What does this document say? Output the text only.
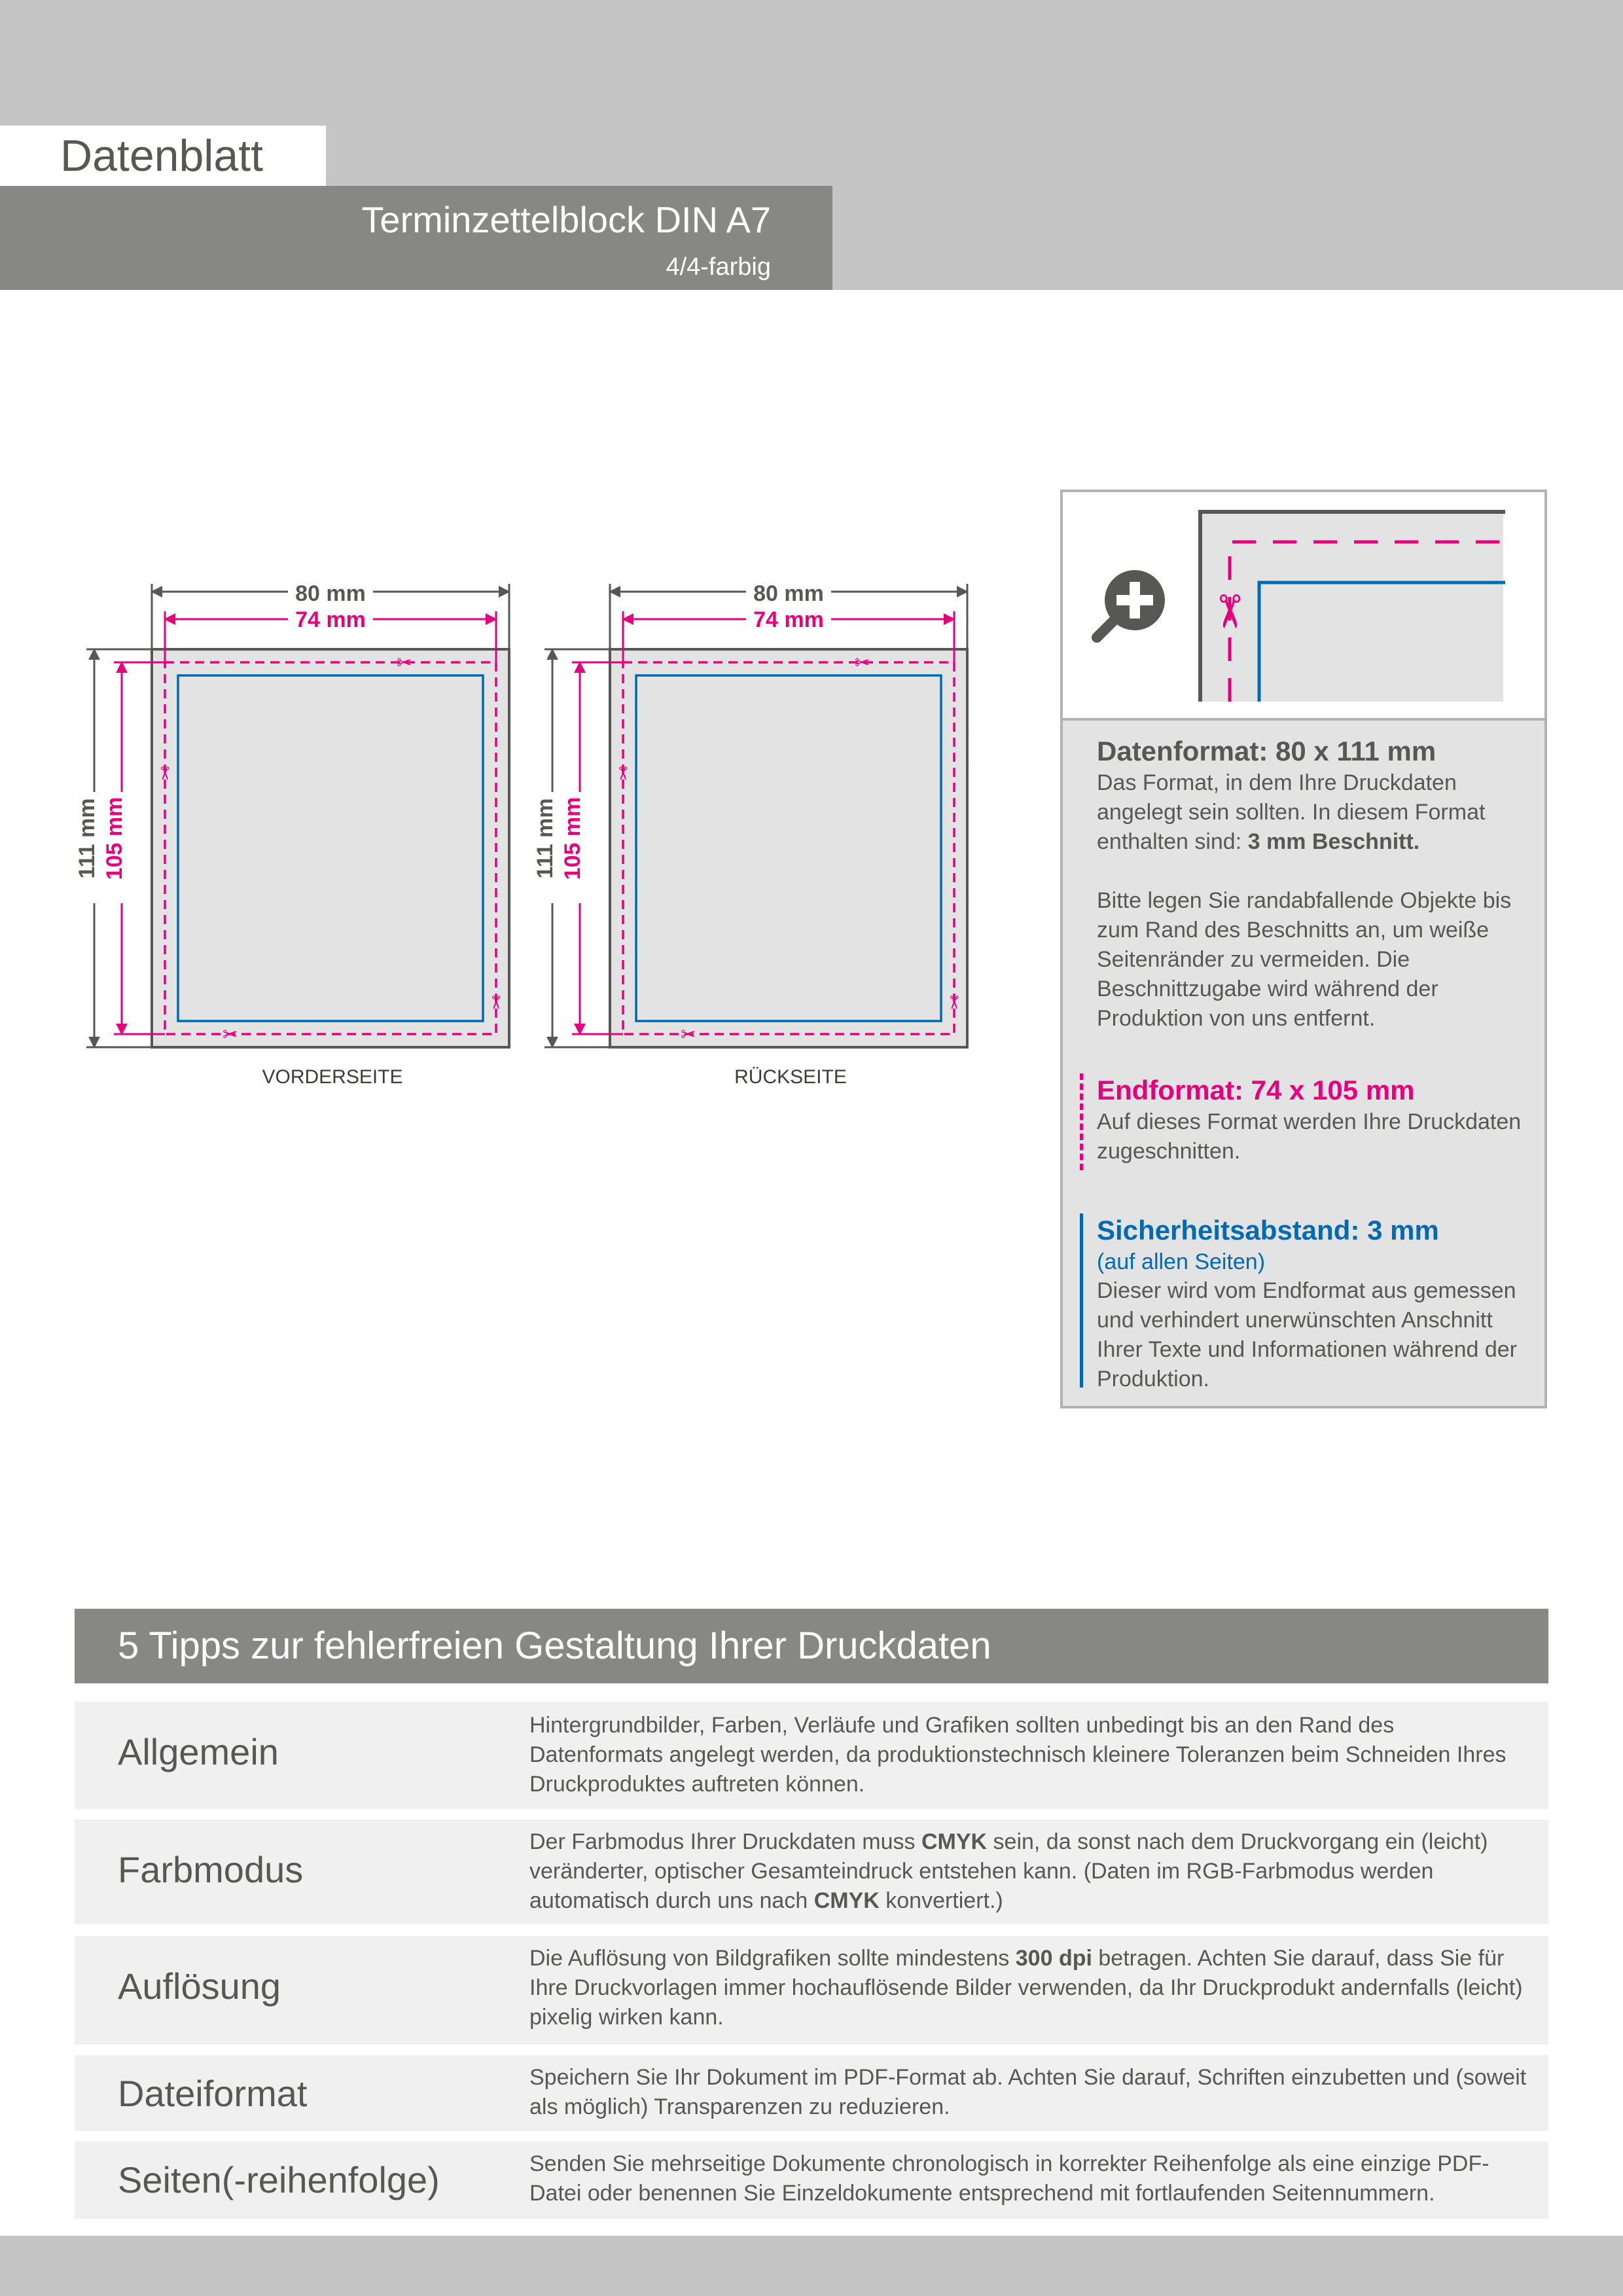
Datenblatt
Terminzettelblock DIN A7
4/4-farbig
80 mm
74 mm
111 mm 105 mm
✂
✂
✂
✂
VORDERSEITE
80 mm
74 mm
111 mm 105 mm
✂
✂
✂
✂
RÜCKSEITE
✂
Datenformat: 80 x 111 mm
Das Format, in dem Ihre Druckdaten angelegt sein sollten. In diesem Format enthalten sind: 3 mm Beschnitt.
Bitte legen Sie randabfallende Objekte bis zum Rand des Beschnitts an, um weiße Seitenränder zu vermeiden. Die Beschnittzugabe wird während der Produktion von uns entfernt.
Endformat: 74 x 105 mm
Auf dieses Format werden Ihre Druckdaten zugeschnitten.
Sicherheitsabstand: 3 mm
(auf allen Seiten)
Dieser wird vom Endformat aus gemessen und verhindert unerwünschten Anschnitt Ihrer Texte und Informationen während der Produktion.
5 Tipps zur fehlerfreien Gestaltung Ihrer Druckdaten
Allgemein
Hintergrundbilder, Farben, Verläufe und Grafiken sollten unbedingt bis an den Rand des Datenformats angelegt werden, da produktionstechnisch kleinere Toleranzen beim Schneiden Ihres Druckproduktes auftreten können.
Farbmodus
Der Farbmodus Ihrer Druckdaten muss CMYK sein, da sonst nach dem Druckvorgang ein (leicht) veränderter, optischer Gesamteindruck entstehen kann. (Daten im RGB-Farbmodus werden automatisch durch uns nach CMYK konvertiert.)
Auflösung
Die Auflösung von Bildgrafiken sollte mindestens 300 dpi betragen. Achten Sie darauf, dass Sie für Ihre Druckvorlagen immer hochauflösende Bilder verwenden, da Ihr Druckprodukt andernfalls (leicht) pixelig wirken kann.
Dateiformat	Speichern Sie Ihr Dokument im PDF-Format ab. Achten Sie darauf, Schriften einzubetten und (soweit als möglich) Transparenzen zu reduzieren.
Seiten(-reihenfolge)	Senden Sie mehrseitige Dokumente chronologisch in korrekter Reihenfolge als eine einzige PDF-Datei oder benennen Sie Einzeldokumente entsprechend mit fortlaufenden Seitennummern.
